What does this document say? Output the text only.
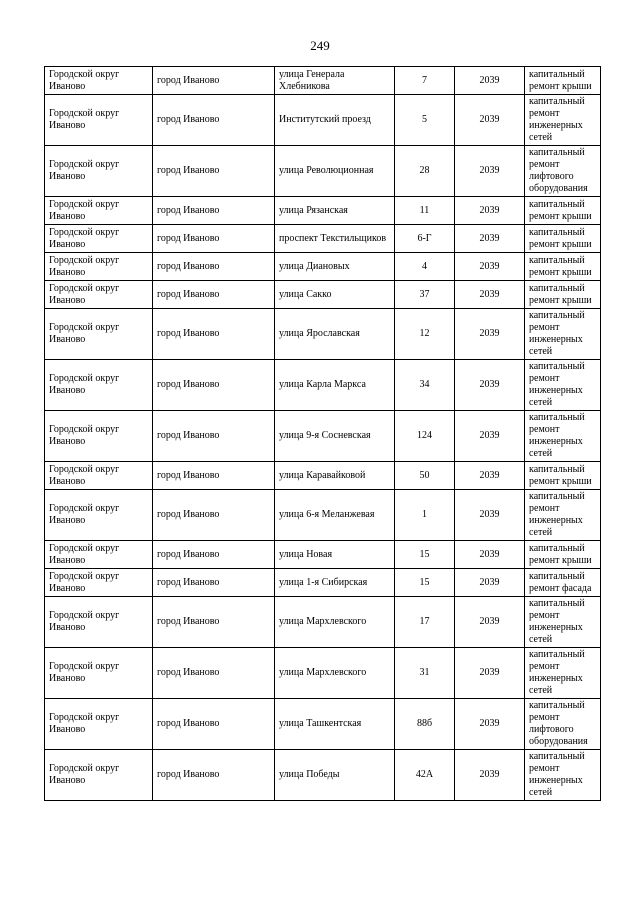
249
Городской округ Иваново	город Иваново	улица Генерала Хлебникова	7	2039	капитальный ремонт крыши
Городской округ Иваново	город Иваново	Институтский проезд	5	2039	капитальный ремонт инженерных сетей
Городской округ Иваново	город Иваново	улица Революционная	28	2039	капитальный ремонт лифтового оборудования
Городской округ Иваново	город Иваново	улица Рязанская	11	2039	капитальный ремонт крыши
Городской округ Иваново	город Иваново	проспект Текстильщиков	6-Г	2039	капитальный ремонт крыши
Городской округ Иваново	город Иваново	улица Диановых	4	2039	капитальный ремонт крыши
Городской округ Иваново	город Иваново	улица Сакко	37	2039	капитальный ремонт крыши
Городской округ Иваново	город Иваново	улица Ярославская	12	2039	капитальный ремонт инженерных сетей
Городской округ Иваново	город Иваново	улица Карла Маркса	34	2039	капитальный ремонт инженерных сетей
Городской округ Иваново	город Иваново	улица 9-я Сосневская	124	2039	капитальный ремонт инженерных сетей
Городской округ Иваново	город Иваново	улица Каравайковой	50	2039	капитальный ремонт крыши
Городской округ Иваново	город Иваново	улица 6-я Меланжевая	1	2039	капитальный ремонт инженерных сетей
Городской округ Иваново	город Иваново	улица Новая	15	2039	капитальный ремонт крыши
Городской округ Иваново	город Иваново	улица 1-я Сибирская	15	2039	капитальный ремонт фасада
Городской округ Иваново	город Иваново	улица Мархлевского	17	2039	капитальный ремонт инженерных сетей
Городской округ Иваново	город Иваново	улица Мархлевского	31	2039	капитальный ремонт инженерных сетей
Городской округ Иваново	город Иваново	улица Ташкентская	88б	2039	капитальный ремонт лифтового оборудования
Городской округ Иваново	город Иваново	улица Победы	42А	2039	капитальный ремонт инженерных сетей
